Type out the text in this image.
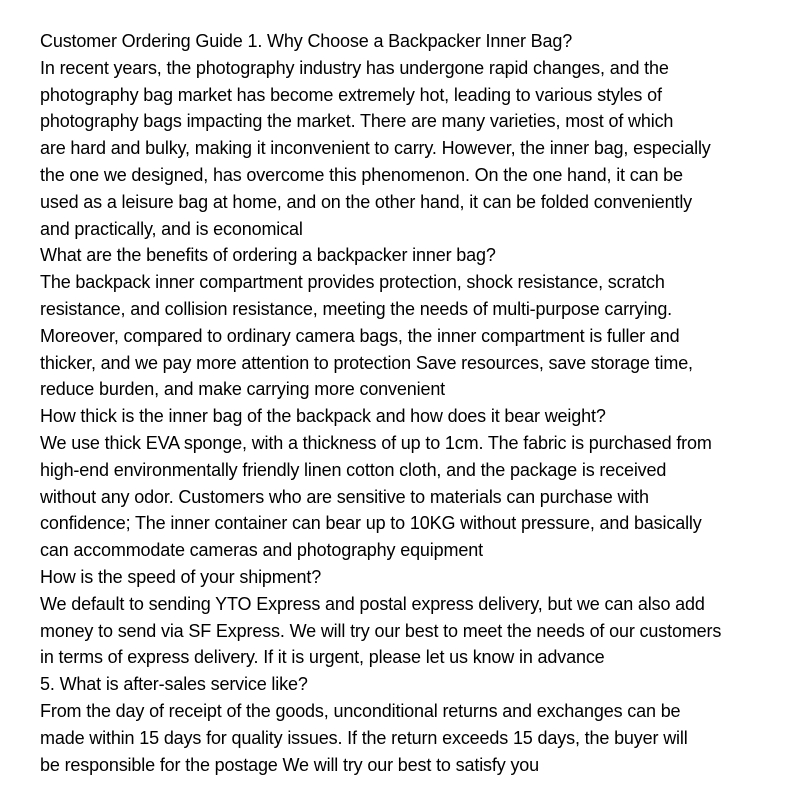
Customer Ordering Guide 1. Why Choose a Backpacker Inner Bag?
In recent years, the photography industry has undergone rapid changes, and the
photography bag market has become extremely hot, leading to various styles of
photography bags impacting the market. There are many varieties, most of which
are hard and bulky, making it inconvenient to carry. However, the inner bag, especially
the one we designed, has overcome this phenomenon. On the one hand, it can be
used as a leisure bag at home, and on the other hand, it can be folded conveniently
and practically, and is economical
What are the benefits of ordering a backpacker inner bag?
The backpack inner compartment provides protection, shock resistance, scratch
resistance, and collision resistance, meeting the needs of multi-purpose carrying.
Moreover, compared to ordinary camera bags, the inner compartment is fuller and
thicker, and we pay more attention to protection Save resources, save storage time,
reduce burden, and make carrying more convenient
How thick is the inner bag of the backpack and how does it bear weight?
We use thick EVA sponge, with a thickness of up to 1cm. The fabric is purchased from
high-end environmentally friendly linen cotton cloth, and the package is received
without any odor. Customers who are sensitive to materials can purchase with
confidence; The inner container can bear up to 10KG without pressure, and basically
can accommodate cameras and photography equipment
How is the speed of your shipment?
We default to sending YTO Express and postal express delivery, but we can also add
money to send via SF Express. We will try our best to meet the needs of our customers
in terms of express delivery. If it is urgent, please let us know in advance
5. What is after-sales service like?
From the day of receipt of the goods, unconditional returns and exchanges can be
made within 15 days for quality issues. If the return exceeds 15 days, the buyer will
be responsible for the postage We will try our best to satisfy you
